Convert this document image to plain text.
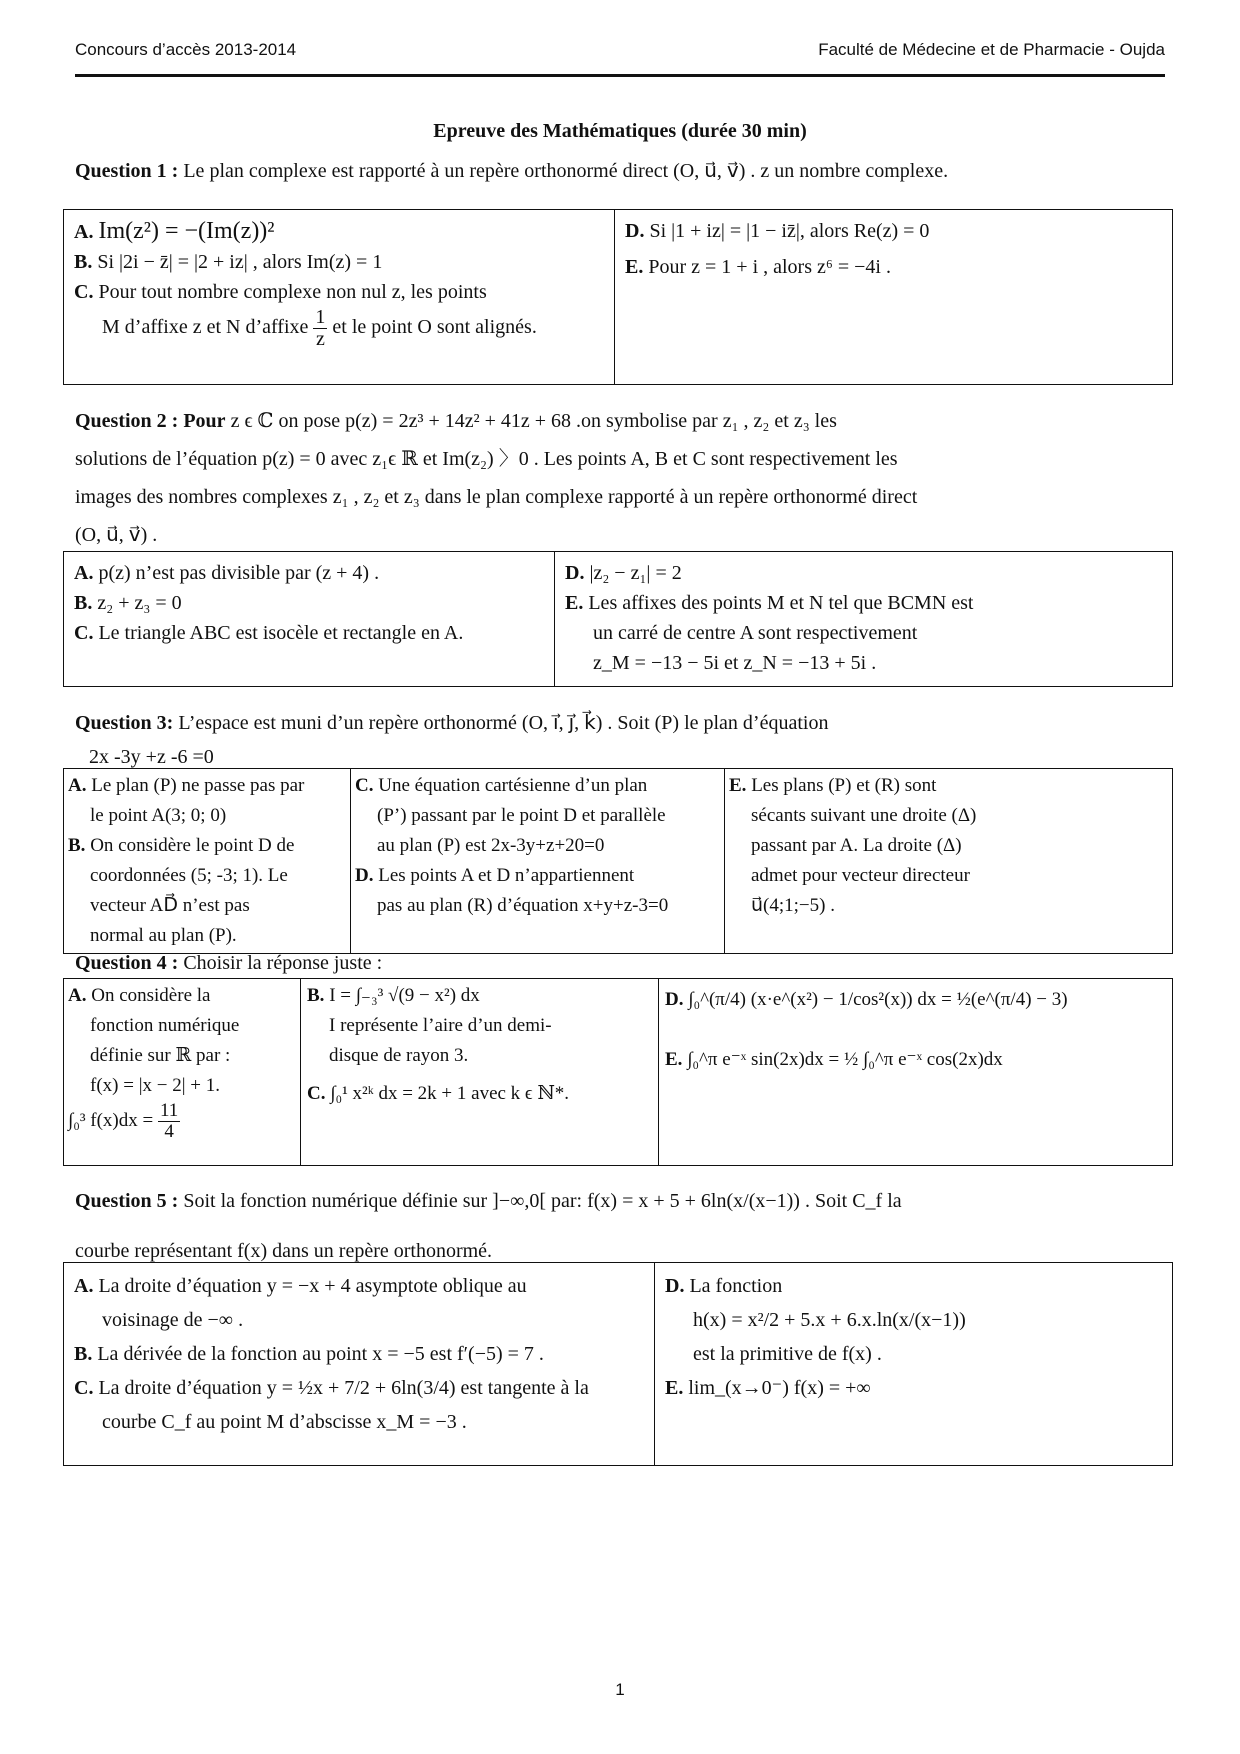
Concours d’accès 2013-2014	Faculté de Médecine et de Pharmacie - Oujda
Epreuve des Mathématiques (durée 30 min)
Question 1 : Le plan complexe est rapporté à un repère orthonormé direct (O, u⃗, v⃗) . z un nombre complexe.
A. Im(z²) = −(Im(z))²
B. Si |2i − z̄| = |2 + iz| , alors Im(z) = 1
C. Pour tout nombre complexe non nul z, les points
M d’affixe z et N d’affixe $\frac{1}{z}$ et le point O sont alignés.

D. Si |1 + iz| = |1 − iz̄|, alors Re(z) = 0
E. Pour z = 1 + i , alors z⁶ = −4i .
Question 2 : Pour z ϵ ℂ on pose p(z) = 2z³ + 14z² + 41z + 68 .on symbolise par z₁ , z₂ et z₃ les
solutions de l’équation p(z) = 0 avec z₁ϵ ℝ et Im(z₂) 〉0 . Les points A, B et C sont respectivement les
images des nombres complexes z₁ , z₂ et z₃ dans le plan complexe rapporté à un repère orthonormé direct
(O, u⃗, v⃗) .
A. p(z) n’est pas divisible par (z + 4) .
B. z₂ + z₃ = 0
C. Le triangle ABC est isocèle et rectangle en A.

D. |z₂ − z₁| = 2
E. Les affixes des points M et N tel que BCMN est
un carré de centre A sont respectivement
z_M = −13 − 5i et z_N = −13 + 5i .
Question 3: L’espace est muni d’un repère orthonormé (O, i⃗, j⃗, k⃗) . Soit (P) le plan d’équation
2x -3y +z -6 =0
A. Le plan (P) ne passe pas par
le point A(3; 0; 0)
B. On considère le point D de
coordonnées (5; -3; 1). Le
vecteur AD⃗ n’est pas
normal au plan (P).

C. Une équation cartésienne d’un plan
(P’) passant par le point D et parallèle
au plan (P) est 2x-3y+z+20=0
D. Les points A et D n’appartiennent
pas au plan (R) d’équation x+y+z-3=0

E. Les plans (P) et (R) sont
sécants suivant une droite (Δ)
passant par A. La droite (Δ)
admet pour vecteur directeur
u⃗(4;1;−5) .
Question 4 : Choisir la réponse juste :
A. On considère la
fonction numérique
définie sur ℝ par :
f(x) = |x − 2| + 1.
∫₀³ $f(x)dx = \frac{11}{4}$

B. I = ∫₋₃³ √(9 − x²) dx
I représente l’aire d’un demi-
disque de rayon 3.
C. ∫₀¹ x²ᵏ dx = 2k + 1 avec k ϵ ℕ*.

D. ∫₀^(π/4) (x·e^(x²) − 1/cos²(x)) dx = ½(e^(π/4) − 3)
E. ∫₀^π e⁻ˣ sin(2x)dx = ½ ∫₀^π e⁻ˣ cos(2x)dx
Question 5 : Soit la fonction numérique définie sur ]−∞,0[ par: f(x) = x + 5 + 6ln(x/(x−1)) . Soit C_f la
courbe représentant f(x) dans un repère orthonormé.
A. La droite d’équation y = −x + 4 asymptote oblique au
voisinage de −∞ .
B. La dérivée de la fonction au point x = −5 est f′(−5) = 7 .
C. La droite d’équation y = ½x + 7/2 + 6ln(3/4) est tangente à la
courbe C_f au point M d’abscisse x_M = −3 .

D. La fonction
h(x) = x²/2 + 5.x + 6.x.ln(x/(x−1))
est la primitive de f(x) .
E. lim_(x→0⁻) f(x) = +∞
1
